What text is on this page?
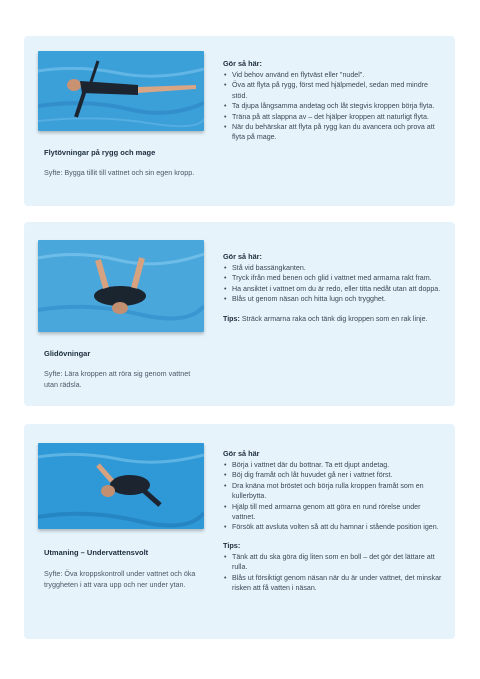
Flytövningar på rygg och mage
Syfte: Bygga tillit till vattnet och sin egen kropp.
Gör så här:
• Vid behov använd en flytväst eller "nudel".
• Öva att flyta på rygg, först med hjälpmedel, sedan med mindre stöd.
• Ta djupa långsamma andetag och låt stegvis kroppen börja flyta.
• Träna på att slappna av – det hjälper kroppen att naturligt flyta.
• När du behärskar att flyta på rygg kan du avancera och prova att flyta på mage.
Glidövningar
Syfte: Lära kroppen att röra sig genom vattnet utan rädsla.
Gör så här:
• Stå vid bassängkanten.
• Tryck ifrån med benen och glid i vattnet med armarna rakt fram.
• Ha ansiktet i vattnet om du är redo, eller titta nedåt utan att doppa.
• Blås ut genom näsan och hitta lugn och trygghet.
Tips: Sträck armarna raka och tänk dig kroppen som en rak linje.
Utmaning – Undervattensvolt
Syfte: Öva kroppskontroll under vattnet och öka tryggheten i att vara upp och ner under ytan.
Gör så här
• Börja i vattnet där du bottnar. Ta ett djupt andetag.
• Böj dig framåt och låt huvudet gå ner i vattnet först.
• Dra knäna mot bröstet och börja rulla kroppen framåt som en kullerbytta.
• Hjälp till med armarna genom att göra en rund rörelse under vattnet.
• Försök att avsluta volten så att du hamnar i stående position igen.
Tips:
• Tänk att du ska göra dig liten som en boll – det gör det lättare att rulla.
• Blås ut försiktigt genom näsan när du är under vattnet, det minskar risken att få vatten i näsan.
